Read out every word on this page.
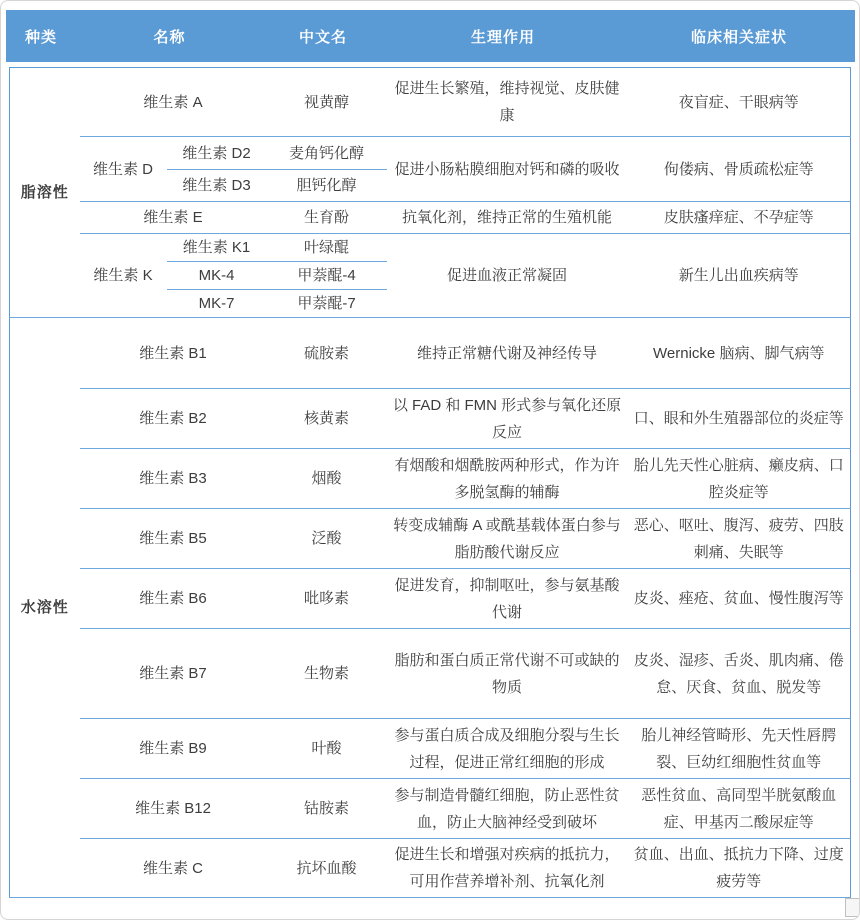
种类	名称	中文名	生理作用	临床相关症状
脂溶性	维生素 A		视黄醇	促进生长繁殖，维持视觉、皮肤健康	夜盲症、干眼病等
	维生素 D	维生素 D2	麦角钙化醇	促进小肠粘膜细胞对钙和磷的吸收	佝偻病、骨质疏松症等
		维生素 D3	胆钙化醇		
	维生素 E		生育酚	抗氧化剂，维持正常的生殖机能	皮肤瘙痒症、不孕症等
	维生素 K	维生素 K1	叶绿醌	促进血液正常凝固	新生儿出血疾病等
		MK-4	甲萘醌-4		
		MK-7	甲萘醌-7		
水溶性	维生素 B1		硫胺素	维持正常糖代谢及神经传导	Wernicke 脑病、脚气病等
	维生素 B2		核黄素	以 FAD 和 FMN 形式参与氧化还原反应	口、眼和外生殖器部位的炎症等
	维生素 B3		烟酸	有烟酸和烟酰胺两种形式，作为许多脱氢酶的辅酶	胎儿先天性心脏病、癞皮病、口腔炎症等
	维生素 B5		泛酸	转变成辅酶 A 或酰基载体蛋白参与脂肪酸代谢反应	恶心、呕吐、腹泻、疲劳、四肢刺痛、失眠等
	维生素 B6		吡哆素	促进发育，抑制呕吐，参与氨基酸代谢	皮炎、痤疮、贫血、慢性腹泻等
	维生素 B7		生物素	脂肪和蛋白质正常代谢不可或缺的物质	皮炎、湿疹、舌炎、肌肉痛、倦怠、厌食、贫血、脱发等
	维生素 B9		叶酸	参与蛋白质合成及细胞分裂与生长过程，促进正常红细胞的形成	胎儿神经管畸形、先天性唇腭裂、巨幼红细胞性贫血等
	维生素 B12		钴胺素	参与制造骨髓红细胞，防止恶性贫血，防止大脑神经受到破坏	恶性贫血、高同型半胱氨酸血症、甲基丙二酸尿症等
	维生素 C		抗坏血酸	促进生长和增强对疾病的抵抗力，可用作营养增补剂、抗氧化剂	贫血、出血、抵抗力下降、过度疲劳等
